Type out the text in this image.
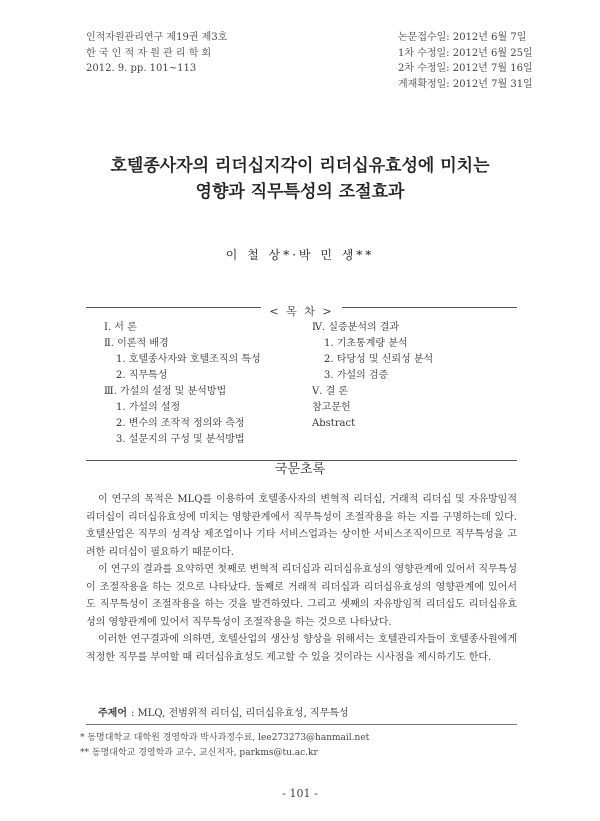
인적자원관리연구 제19권 제3호
한 국 인 적 자 원 관 리 학 회
2012. 9. pp. 101~113
논문접수일: 2012년 6월 7일
1차 수정일: 2012년 6월 25일
2차 수정일: 2012년 7월 16일
게재확정일: 2012년 7월 31일
호텔종사자의 리더십지각이 리더십유효성에 미치는
영향과 직무특성의 조절효과
이 철 상*·박 민 생**
< 목 차 >
Ⅰ. 서 론
Ⅱ. 이론적 배경
1. 호텔종사자와 호텔조직의 특성
2. 직무특성
Ⅲ. 가설의 설정 및 분석방법
1. 가설의 설정
2. 변수의 조작적 정의와 측정
3. 설문지의 구성 및 분석방법
Ⅳ. 실증분석의 결과
1. 기초통계량 분석
2. 타당성 및 신뢰성 분석
3. 가설의 검증
Ⅴ. 결 론
참고문헌
Abstract
국문초록

이 연구의 목적은 MLQ를 이용하여 호텔종사자의 변혁적 리더십, 거래적 리더십 및 자유방임적 리더십이 리더십유효성에 미치는 영향관계에서 직무특성이 조절작용을 하는 지를 구명하는데 있다. 호텔산업은 직무의 성격상 제조업이나 기타 서비스업과는 상이한 서비스조직이므로 직무특성을 고려한 리더십이 필요하기 때문이다.

이 연구의 결과를 요약하면 첫째로 변혁적 리더십과 리더십유효성의 영향관계에 있어서 직무특성이 조절작용을 하는 것으로 나타났다. 둘째로 거래적 리더십과 리더십유효성의 영향관계에 있어서도 직무특성이 조절작용을 하는 것을 발견하였다. 그리고 셋째의 자유방임적 리더십도 리더십유효성의 영향관계에 있어서 직무특성이 조절작용을 하는 것으로 나타났다.

이러한 연구결과에 의하면, 호텔산업의 생산성 향상을 위해서는 호텔관리자들이 호텔종사원에게 적정한 직무를 부여할 때 리더십유효성도 제고할 수 있을 것이라는 시사점을 제시하기도 한다.

주제어 : MLQ, 전범위적 리더십, 리더십유효성, 직무특성
* 동명대학교 대학원 경영학과 박사과정수료, lee273273@hanmail.net
** 동명대학교 경영학과 교수, 교신저자, parkms@tu.ac.kr
- 101 -
